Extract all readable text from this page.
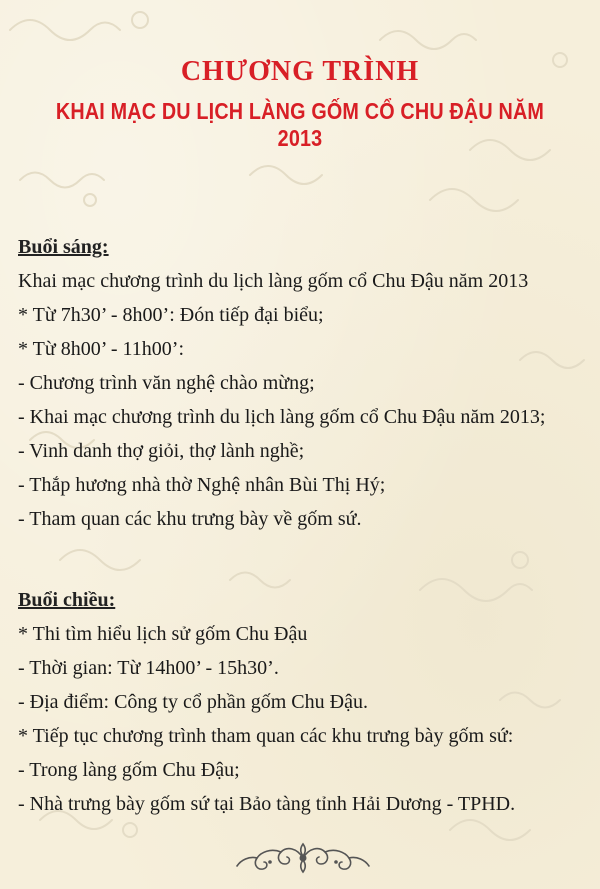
CHƯƠNG TRÌNH
KHAI MẠC DU LỊCH LÀNG GỐM CỔ CHU ĐẬU NĂM 2013
Buổi sáng:
Khai mạc chương trình du lịch làng gốm cổ Chu Đậu năm 2013
* Từ 7h30’ - 8h00’: Đón tiếp đại biểu;
* Từ 8h00’ - 11h00’:
- Chương trình văn nghệ chào mừng;
- Khai mạc chương trình du lịch làng gốm cổ Chu Đậu năm 2013;
- Vinh danh thợ giỏi, thợ lành nghề;
- Thắp hương nhà thờ Nghệ nhân Bùi Thị Hý;
- Tham quan các khu trưng bày về gốm sứ.
Buổi chiều:
* Thi tìm hiểu lịch sử gốm Chu Đậu
- Thời gian: Từ 14h00’ - 15h30’.
- Địa điểm: Công ty cổ phần gốm Chu Đậu.
* Tiếp tục chương trình tham quan các khu trưng bày gốm sứ:
- Trong làng gốm Chu Đậu;
- Nhà trưng bày gốm sứ tại Bảo tàng tỉnh Hải Dương - TPHD.
